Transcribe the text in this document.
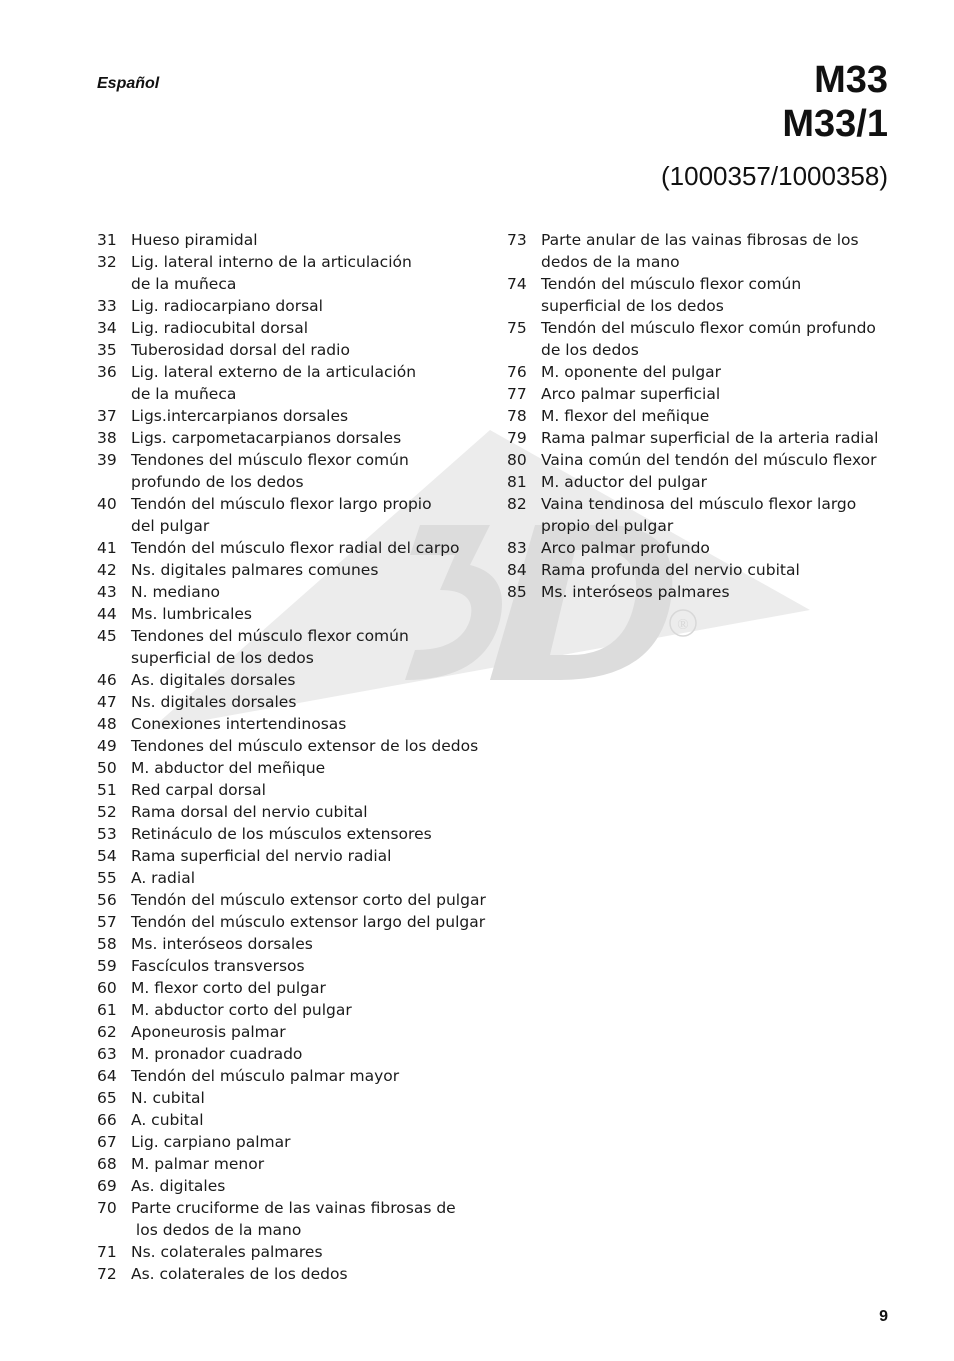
®
Español	M33
M33/1
(1000357/1000358)
31 Hueso piramidal
32 Lig. lateral interno de la articulación
de la muñeca
33 Lig. radiocarpiano dorsal
34 Lig. radiocubital dorsal
35 Tuberosidad dorsal del radio
36 Lig. lateral externo de la articulación
de la muñeca
37 Ligs.intercarpianos dorsales
38 Ligs. carpometacarpianos dorsales
39 Tendones del músculo flexor común
profundo de los dedos
40 Tendón del músculo flexor largo propio
del pulgar
41 Tendón del músculo flexor radial del carpo
42 Ns. digitales palmares comunes
43 N. mediano
44 Ms. lumbricales
45 Tendones del músculo flexor común
superficial de los dedos
46 As. digitales dorsales
47 Ns. digitales dorsales
48 Conexiones intertendinosas
49 Tendones del músculo extensor de los dedos
50 M. abductor del meñique
51 Red carpal dorsal
52 Rama dorsal del nervio cubital
53 Retináculo de los músculos extensores
54 Rama superficial del nervio radial
55 A. radial
56 Tendón del músculo extensor corto del pulgar
57 Tendón del músculo extensor largo del pulgar
58 Ms. interóseos dorsales
59 Fascículos transversos
60 M. flexor corto del pulgar
61 M. abductor corto del pulgar
62 Aponeurosis palmar
63 M. pronador cuadrado
64 Tendón del músculo palmar mayor
65 N. cubital
66 A. cubital
67 Lig. carpiano palmar
68 M. palmar menor
69 As. digitales
70 Parte cruciforme de las vainas fibrosas de
los dedos de la mano
71 Ns. colaterales palmares
72 As. colaterales de los dedos
73 Parte anular de las vainas fibrosas de los
dedos de la mano
74 Tendón del músculo flexor común
superficial de los dedos
75 Tendón del músculo flexor común profundo
de los dedos
76 M. oponente del pulgar
77 Arco palmar superficial
78 M. flexor del meñique
79 Rama palmar superficial de la arteria radial
80 Vaina común del tendón del músculo flexor
81 M. aductor del pulgar
82 Vaina tendinosa del músculo flexor largo
propio del pulgar
83 Arco palmar profundo
84 Rama profunda del nervio cubital
85 Ms. interóseos palmares
9
